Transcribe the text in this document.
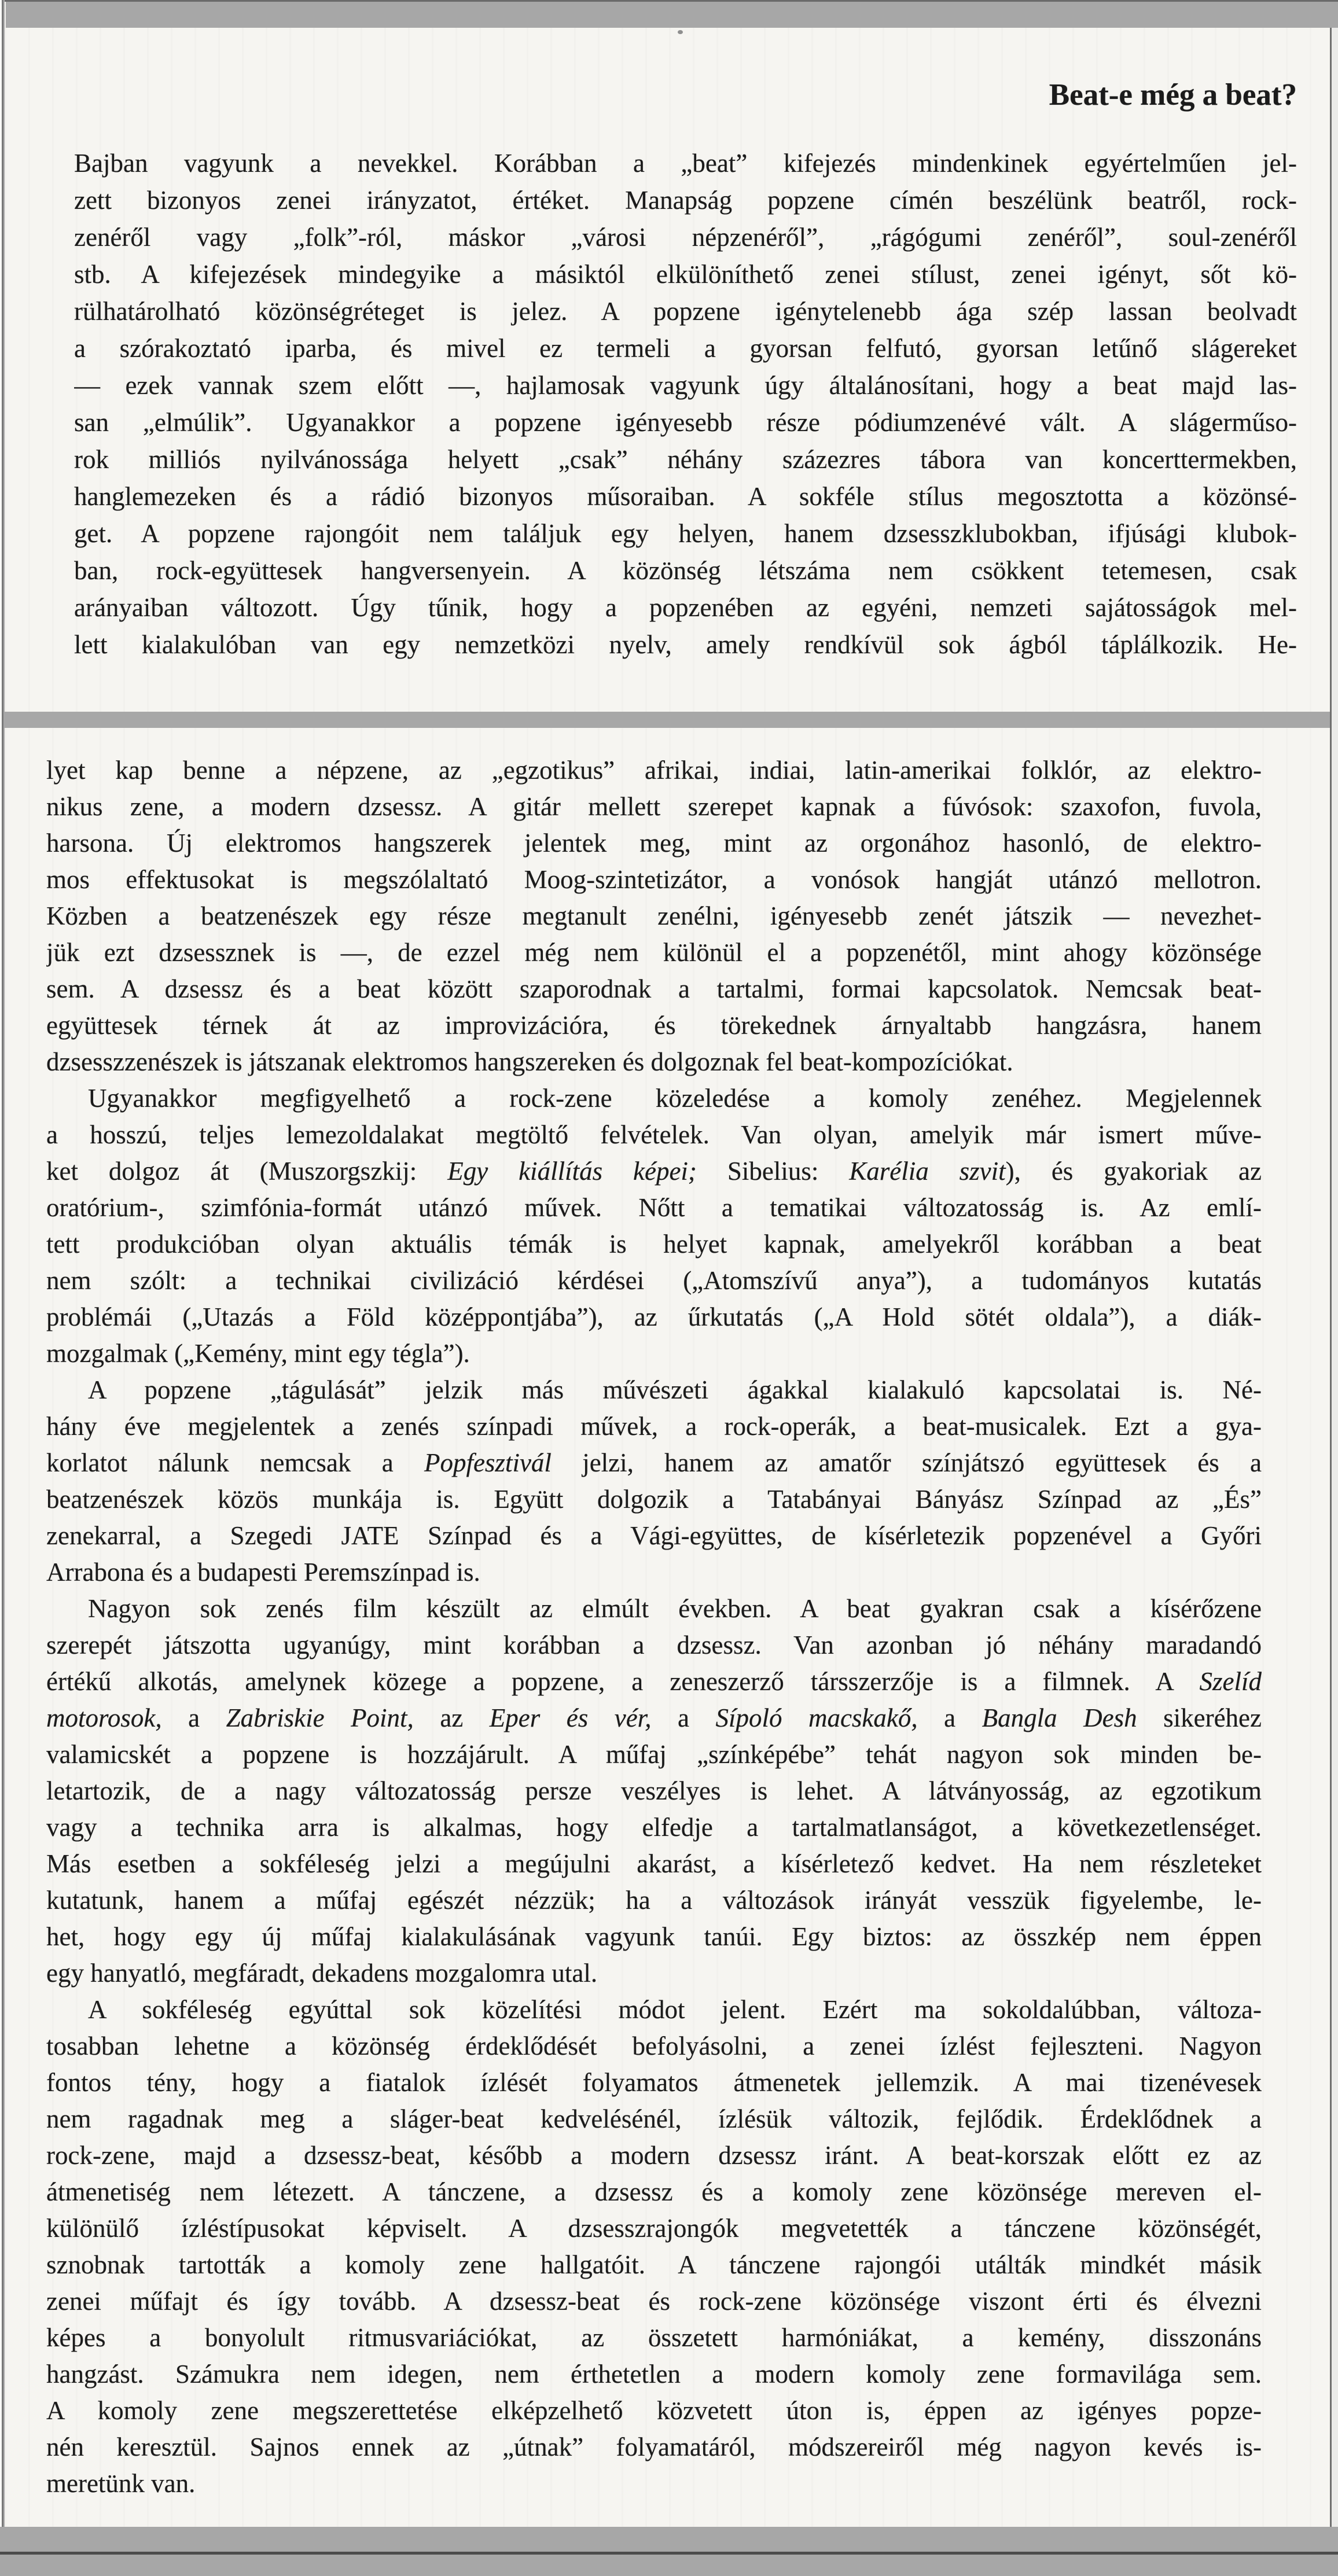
Beat-e még a beat?
Bajban vagyunk a nevekkel. Korábban a „beat” kifejezés mindenkinek egyértelműen jel-
zett bizonyos zenei irányzatot, értéket. Manapság popzene címén beszélünk beatről, rock-
zenéről vagy „folk”-ról, máskor „városi népzenéről”, „rágógumi zenéről”, soul-zenéről
stb. A kifejezések mindegyike a másiktól elkülöníthető zenei stílust, zenei igényt, sőt kö-
rülhatárolható közönségréteget is jelez. A popzene igénytelenebb ága szép lassan beolvadt
a szórakoztató iparba, és mivel ez termeli a gyorsan felfutó, gyorsan letűnő slágereket
— ezek vannak szem előtt —, hajlamosak vagyunk úgy általánosítani, hogy a beat majd las-
san „elmúlik”. Ugyanakkor a popzene igényesebb része pódiumzenévé vált. A slágerműso-
rok milliós nyilvánossága helyett „csak” néhány százezres tábora van koncerttermekben,
hanglemezeken és a rádió bizonyos műsoraiban. A sokféle stílus megosztotta a közönsé-
get. A popzene rajongóit nem találjuk egy helyen, hanem dzsesszklubokban, ifjúsági klubok-
ban, rock-együttesek hangversenyein. A közönség létszáma nem csökkent tetemesen, csak
arányaiban változott. Úgy tűnik, hogy a popzenében az egyéni, nemzeti sajátosságok mel-
lett kialakulóban van egy nemzetközi nyelv, amely rendkívül sok ágból táplálkozik. He-
lyet kap benne a népzene, az „egzotikus” afrikai, indiai, latin-amerikai folklór, az elektro-
nikus zene, a modern dzsessz. A gitár mellett szerepet kapnak a fúvósok: szaxofon, fuvola,
harsona. Új elektromos hangszerek jelentek meg, mint az orgonához hasonló, de elektro-
mos effektusokat is megszólaltató Moog-szintetizátor, a vonósok hangját utánzó mellotron.
Közben a beatzenészek egy része megtanult zenélni, igényesebb zenét játszik — nevezhet-
jük ezt dzsessznek is —, de ezzel még nem különül el a popzenétől, mint ahogy közönsége
sem. A dzsessz és a beat között szaporodnak a tartalmi, formai kapcsolatok. Nemcsak beat-
együttesek térnek át az improvizációra, és törekednek árnyaltabb hangzásra, hanem
dzsesszzenészek is játszanak elektromos hangszereken és dolgoznak fel beat-kompozíciókat.
Ugyanakkor megfigyelhető a rock-zene közeledése a komoly zenéhez. Megjelennek
a hosszú, teljes lemezoldalakat megtöltő felvételek. Van olyan, amelyik már ismert műve-
ket dolgoz át (Muszorgszkij: Egy kiállítás képei; Sibelius: Karélia szvit), és gyakoriak az
oratórium-, szimfónia-formát utánzó művek. Nőtt a tematikai változatosság is. Az emlí-
tett produkcióban olyan aktuális témák is helyet kapnak, amelyekről korábban a beat
nem szólt: a technikai civilizáció kérdései („Atomszívű anya”), a tudományos kutatás
problémái („Utazás a Föld középpontjába”), az űrkutatás („A Hold sötét oldala”), a diák-
mozgalmak („Kemény, mint egy tégla”).
A popzene „tágulását” jelzik más művészeti ágakkal kialakuló kapcsolatai is. Né-
hány éve megjelentek a zenés színpadi művek, a rock-operák, a beat-musicalek. Ezt a gya-
korlatot nálunk nemcsak a Popfesztivál jelzi, hanem az amatőr színjátszó együttesek és a
beatzenészek közös munkája is. Együtt dolgozik a Tatabányai Bányász Színpad az „És”
zenekarral, a Szegedi JATE Színpad és a Vági-együttes, de kísérletezik popzenével a Győri
Arrabona és a budapesti Peremszínpad is.
Nagyon sok zenés film készült az elmúlt években. A beat gyakran csak a kísérőzene
szerepét játszotta ugyanúgy, mint korábban a dzsessz. Van azonban jó néhány maradandó
értékű alkotás, amelynek közege a popzene, a zeneszerző társszerzője is a filmnek. A Szelíd
motorosok, a Zabriskie Point, az Eper és vér, a Sípoló macskakő, a Bangla Desh sikeréhez
valamicskét a popzene is hozzájárult. A műfaj „színképébe” tehát nagyon sok minden be-
letartozik, de a nagy változatosság persze veszélyes is lehet. A látványosság, az egzotikum
vagy a technika arra is alkalmas, hogy elfedje a tartalmatlanságot, a következetlenséget.
Más esetben a sokféleség jelzi a megújulni akarást, a kísérletező kedvet. Ha nem részleteket
kutatunk, hanem a műfaj egészét nézzük; ha a változások irányát vesszük figyelembe, le-
het, hogy egy új műfaj kialakulásának vagyunk tanúi. Egy biztos: az összkép nem éppen
egy hanyatló, megfáradt, dekadens mozgalomra utal.
A sokféleség egyúttal sok közelítési módot jelent. Ezért ma sokoldalúbban, változa-
tosabban lehetne a közönség érdeklődését befolyásolni, a zenei ízlést fejleszteni. Nagyon
fontos tény, hogy a fiatalok ízlését folyamatos átmenetek jellemzik. A mai tizenévesek
nem ragadnak meg a sláger-beat kedvelésénél, ízlésük változik, fejlődik. Érdeklődnek a
rock-zene, majd a dzsessz-beat, később a modern dzsessz iránt. A beat-korszak előtt ez az
átmenetiség nem létezett. A tánczene, a dzsessz és a komoly zene közönsége mereven el-
különülő ízléstípusokat képviselt. A dzsesszrajongók megvetették a tánczene közönségét,
sznobnak tartották a komoly zene hallgatóit. A tánczene rajongói utálták mindkét másik
zenei műfajt és így tovább. A dzsessz-beat és rock-zene közönsége viszont érti és élvezni
képes a bonyolult ritmusvariációkat, az összetett harmóniákat, a kemény, disszonáns
hangzást. Számukra nem idegen, nem érthetetlen a modern komoly zene formavilága sem.
A komoly zene megszerettetése elképzelhető közvetett úton is, éppen az igényes popze-
nén keresztül. Sajnos ennek az „útnak” folyamatáról, módszereiről még nagyon kevés is-
meretünk van.
